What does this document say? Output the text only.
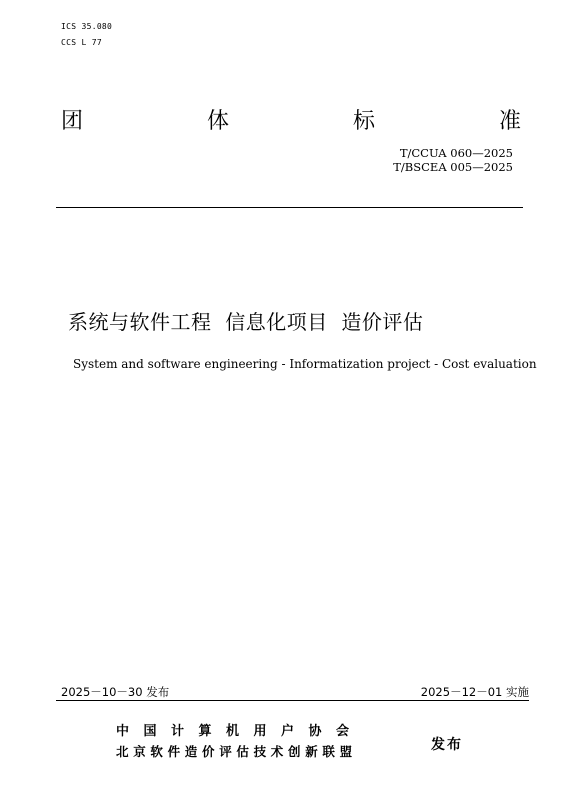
ICS 35.080
CCS L 77
团	体	标	准
T/CCUA 060—2025
T/BSCEA 005—2025
系统与软件工程  信息化项目  造价评估
System and software engineering - Informatization project - Cost evaluation
2025－10－30 发布	2025－12－01 实施
中国计算机用户协会
北京软件造价评估技术创新联盟	发布
